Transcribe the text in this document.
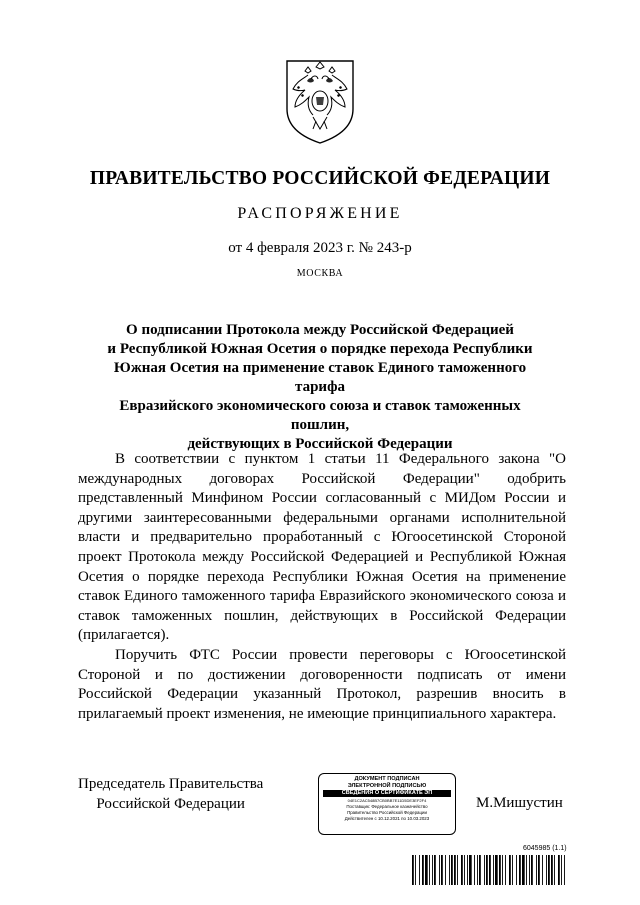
ПРАВИТЕЛЬСТВО РОССИЙСКОЙ ФЕДЕРАЦИИ
РАСПОРЯЖЕНИЕ
от 4 февраля 2023 г. № 243-р
МОСКВА
О подписании Протокола между Российской Федерацией
и Республикой Южная Осетия о порядке перехода Республики
Южная Осетия на применение ставок Единого таможенного тарифа
Евразийского экономического союза и ставок таможенных пошлин,
действующих в Российской Федерации

В соответствии с пунктом 1 статьи 11 Федерального закона "О международных договорах Российской Федерации" одобрить представленный Минфином России согласованный с МИДом России и другими заинтересованными федеральными органами исполнительной власти и предварительно проработанный с Югоосетинской Стороной проект Протокола между Российской Федерацией и Республикой Южная Осетия о порядке перехода Республики Южная Осетия на применение ставок Единого таможенного тарифа Евразийского экономического союза и ставок таможенных пошлин, действующих в Российской Федерации (прилагается).

Поручить ФТС России провести переговоры с Югоосетинской Стороной и по достижении договоренности подписать от имени Российской Федерации указанный Протокол, разрешив вносить в прилагаемый проект изменения, не имеющие принципиального характера.

Председатель Правительства
Российской Федерации
ДОКУМЕНТ ПОДПИСАН
ЭЛЕКТРОННОЙ ПОДПИСЬЮ
СВЕДЕНИЯ О СЕРТИФИКАТЕ ЭП
04E1C2AC548B7CB0BB7E11D5DE3EF2F4
Поставщик: Федеральное казначейство
Правительство Российской Федерации
Действителен с 10.12.2021 по 10.03.2023
М.Мишустин
6045985 (1.1)
